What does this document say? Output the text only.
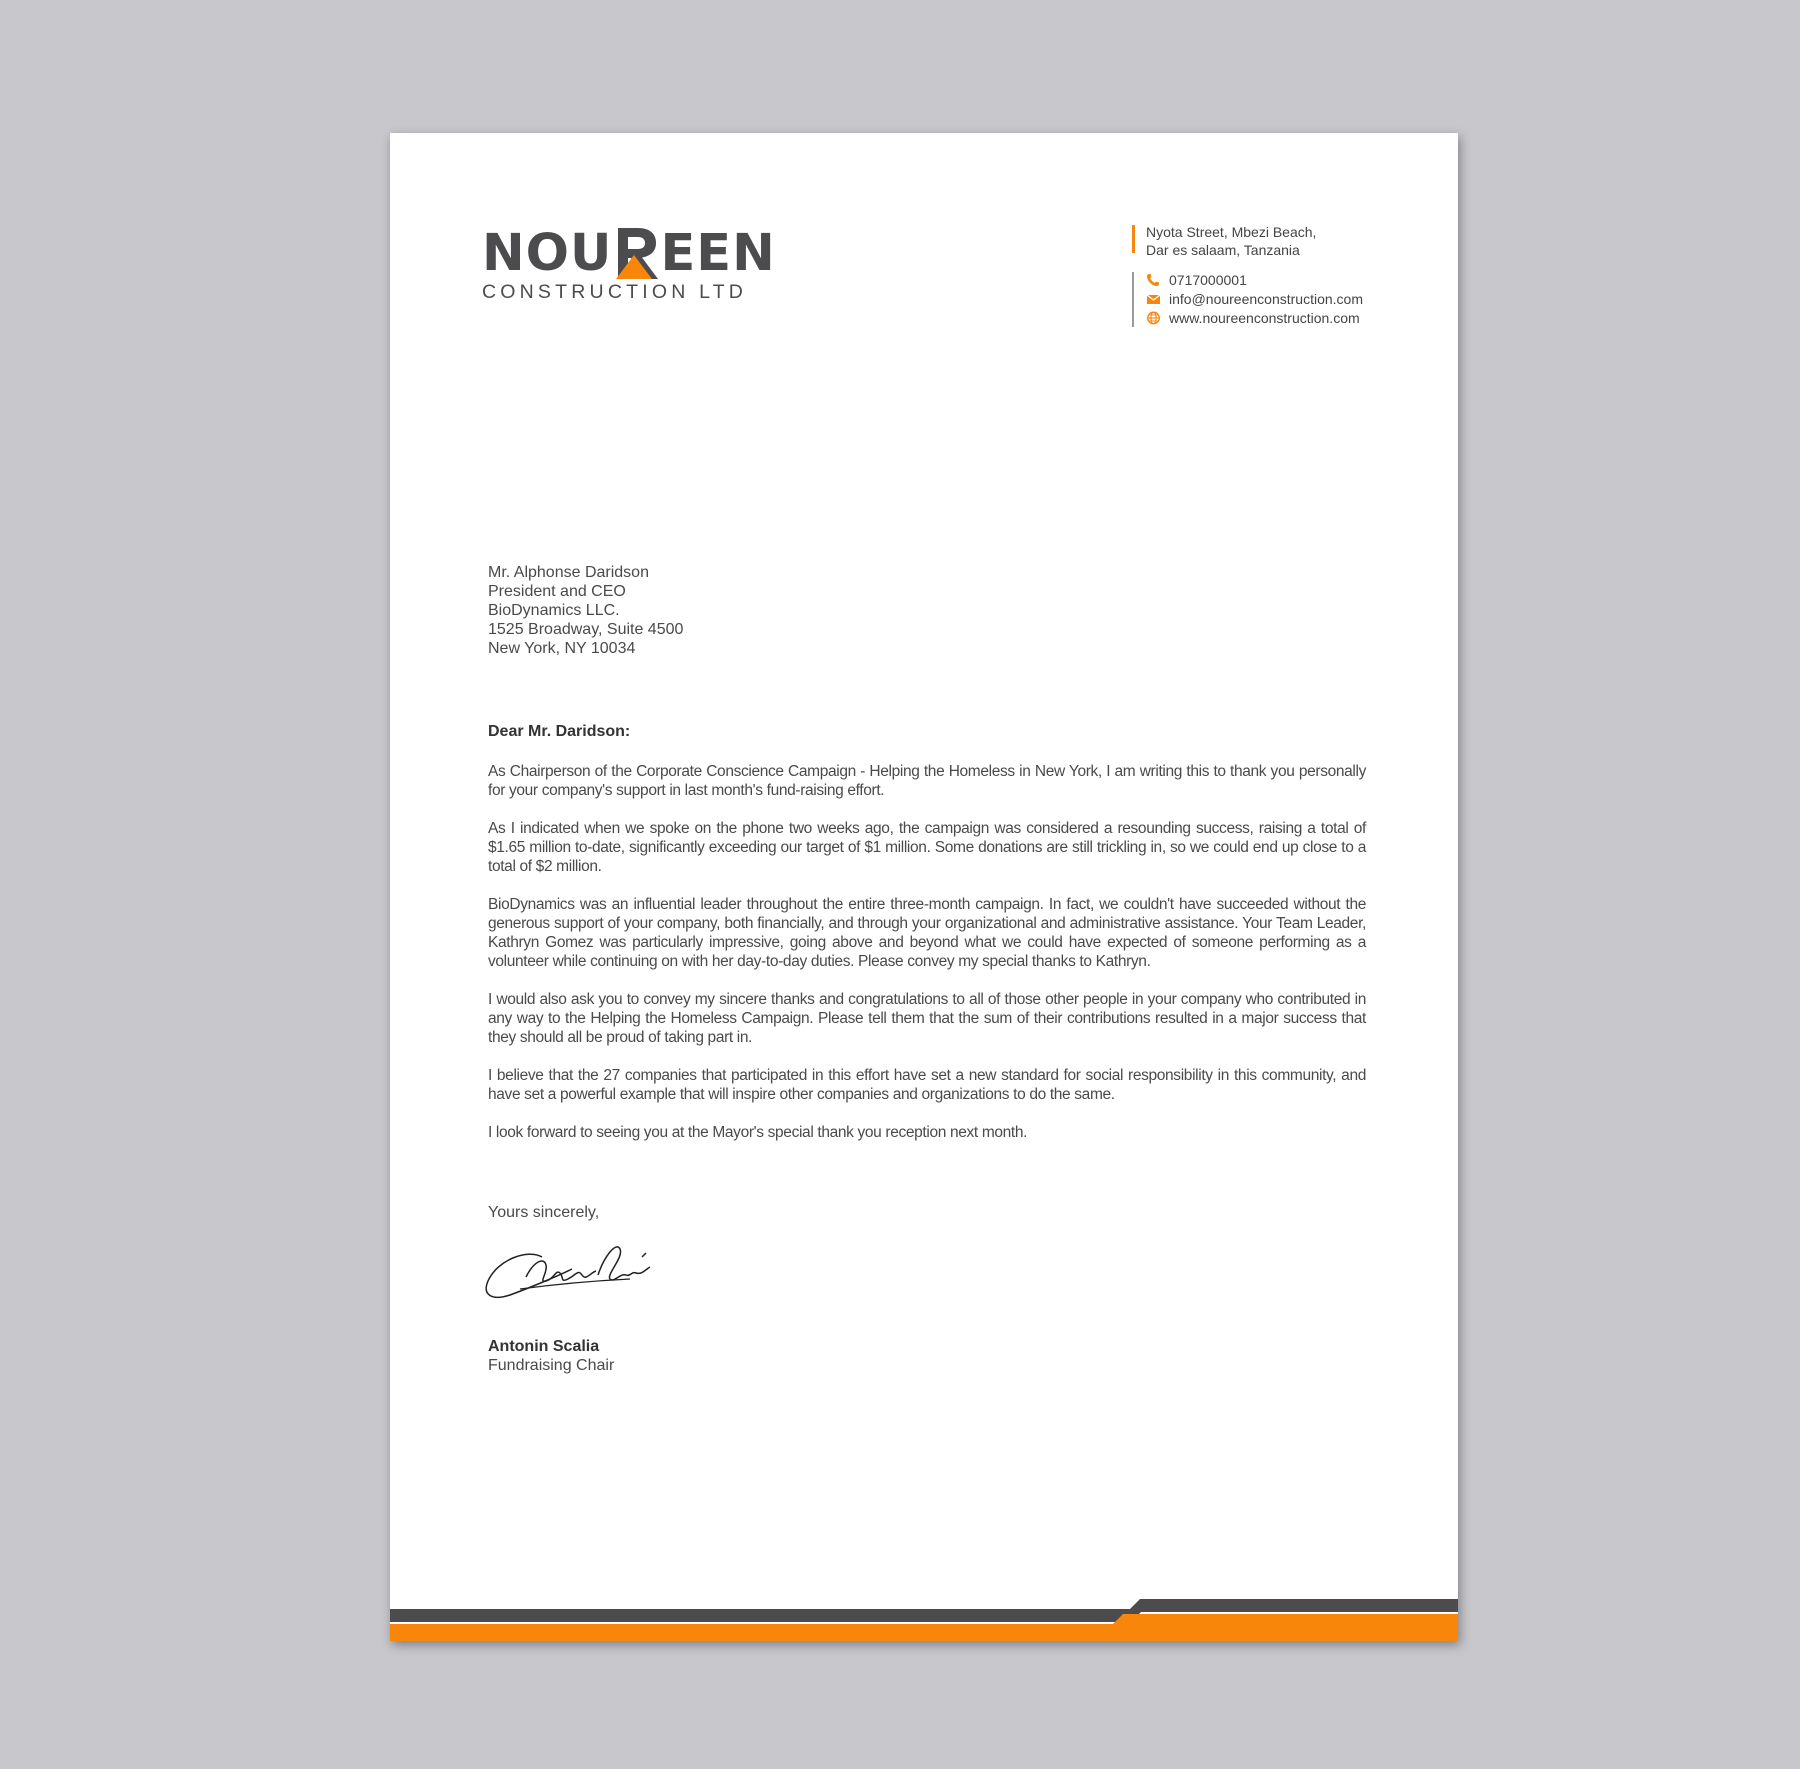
NOU EEN
CONSTRUCTION LTD
Nyota Street, Mbezi Beach,
Dar es salaam, Tanzania
0717000001
info@noureenconstruction.com
www.noureenconstruction.com
Mr. Alphonse Daridson
President and CEO
BioDynamics LLC.
1525 Broadway, Suite 4500
New York, NY 10034
Dear Mr. Daridson:

As Chairperson of the Corporate Conscience Campaign - Helping the Homeless in New York, I am writing this to thank you personally for your company's support in last month's fund-raising effort.

As I indicated when we spoke on the phone two weeks ago, the campaign was considered a resounding success, raising a total of $1.65 million to-date, significantly exceeding our target of $1 million. Some donations are still trickling in, so we could end up close to a total of $2 million.

BioDynamics was an influential leader throughout the entire three-month campaign. In fact, we couldn't have succeeded without the generous support of your company, both financially, and through your organizational and administrative assistance. Your Team Leader, Kathryn Gomez was particularly impressive, going above and beyond what we could have expected of someone performing as a volunteer while continuing on with her day-to-day duties. Please convey my special thanks to Kathryn.

I would also ask you to convey my sincere thanks and congratulations to all of those other people in your company who contributed in any way to the Helping the Homeless Campaign. Please tell them that the sum of their contributions resulted in a major success that they should all be proud of taking part in.

I believe that the 27 companies that participated in this effort have set a new standard for social responsibility in this community, and have set a powerful example that will inspire other companies and organizations to do the same.

I look forward to seeing you at the Mayor's special thank you reception next month.

Yours sincerely,
Antonin Scalia
Fundraising Chair
